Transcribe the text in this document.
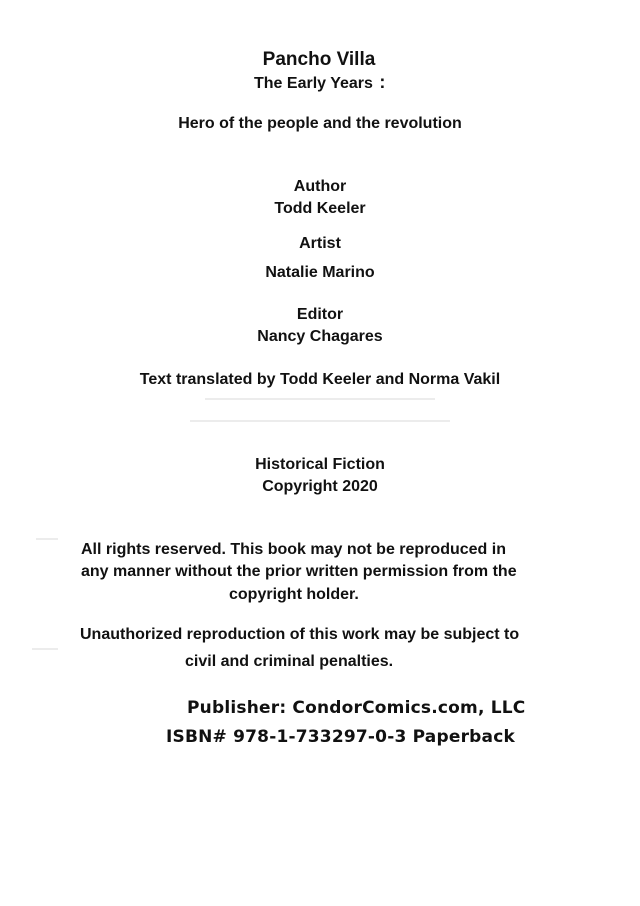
Pancho Villa
The Early Years :
Hero of the people and the revolution
Author
Todd Keeler
Artist
Natalie Marino
Editor
Nancy Chagares
Text translated by Todd Keeler and Norma Vakil
Historical Fiction
Copyright 2020
All rights reserved. This book may not be reproduced in
any manner without the prior written permission from the
copyright holder.
Unauthorized reproduction of this work may be subject to
civil and criminal penalties.
Publisher: CondorComics.com, LLC
ISBN# 978-1-733297-0-3 Paperback
